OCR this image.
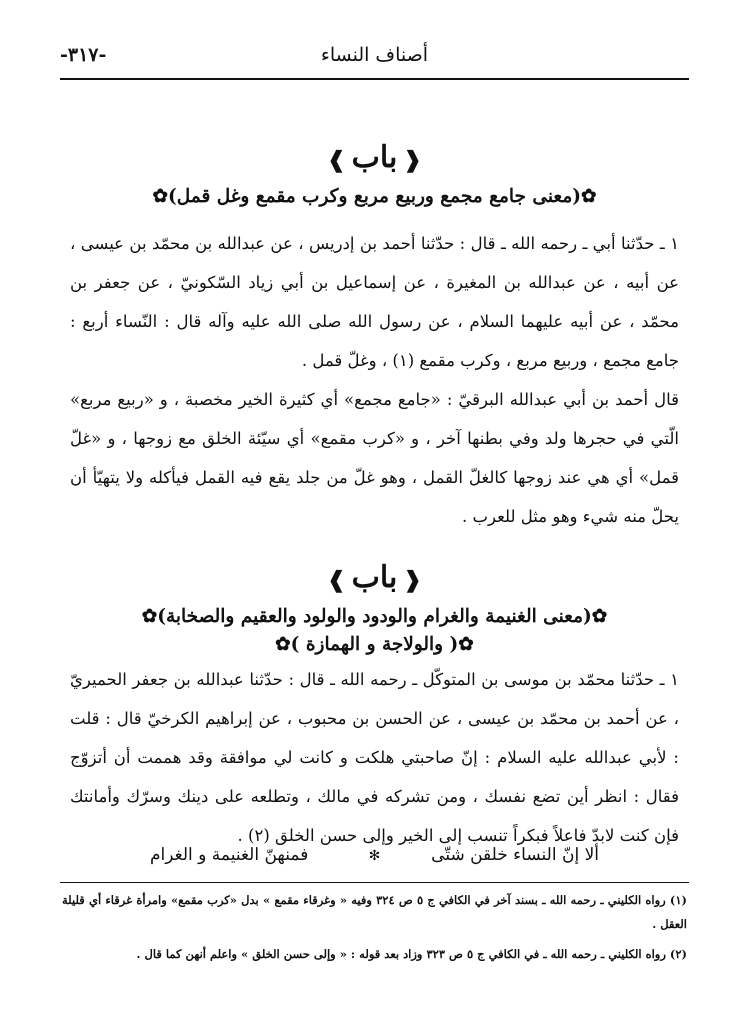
أصناف النساء
-٣١٧-
❰باب❱
✿(معنى جامع مجمع وربيع مربع وكرب مقمع وغل قمل)✿

١ ـ حدّثنا أبي ـ رحمه الله ـ قال : حدّثنا أحمد بن إدريس ، عن عبدالله بن محمّد بن عيسى ، عن أبيه ، عن عبدالله بن المغيرة ، عن إسماعيل بن أبي زياد السّكونيّ ، عن جعفر بن محمّد ، عن أبيه عليهما السلام ، عن رسول الله صلى الله عليه وآله قال : النّساء أربع : جامع مجمع ، وربيع مربع ، وكرب مقمع (١) ، وغلّ قمل .

قال أحمد بن أبي عبدالله البرقيّ : «جامع مجمع» أي كثيرة الخير مخصبة ، و «ربيع مربع» الّتي في حجرها ولد وفي بطنها آخر ، و «كرب مقمع» أي سيّئة الخلق مع زوجها ، و «غلّ قمل» أي هي عند زوجها كالغلّ القمل ، وهو غلّ من جلد يقع فيه القمل فيأكله ولا يتهيّأ أن يحلّ منه شيء وهو مثل للعرب .

❰باب❱
✿(معنى الغنيمة والغرام والودود والولود والعقيم والصخابة)✿
✿( والولاجة و الهمازة )✿

١ ـ حدّثنا محمّد بن موسى بن المتوكّل ـ رحمه الله ـ قال : حدّثنا عبدالله بن جعفر الحميريّ ، عن أحمد بن محمّد بن عيسى ، عن الحسن بن محبوب ، عن إبراهيم الكرخيّ قال : قلت : لأبي عبدالله عليه السلام : إنّ صاحبتي هلكت و كانت لي موافقة وقد هممت أن أتزوّج فقال : انظر أين تضع نفسك ، ومن تشركه في مالك ، وتطلعه على دينك وسرّك وأمانتك فإن كنت لابدّ فاعلاً فبكراً تنسب إلى الخير وإلى حسن الخلق (٢) .

ألا إنّ النساء خلقن شتّى
✻
فمنهنّ الغنيمة و الغرام

(١) رواه الكليني ـ رحمه الله ـ بسند آخر في الكافي ج ٥ ص ٣٢٤ وفيه « وغرقاء مقمع » بدل «كرب مقمع» وامرأة غرقاء أي قليلة العقل .

(٢) رواه الكليني ـ رحمه الله ـ في الكافي ج ٥ ص ٣٢٣ وزاد بعد قوله : « وإلى حسن الخلق » واعلم أنهن كما قال .
